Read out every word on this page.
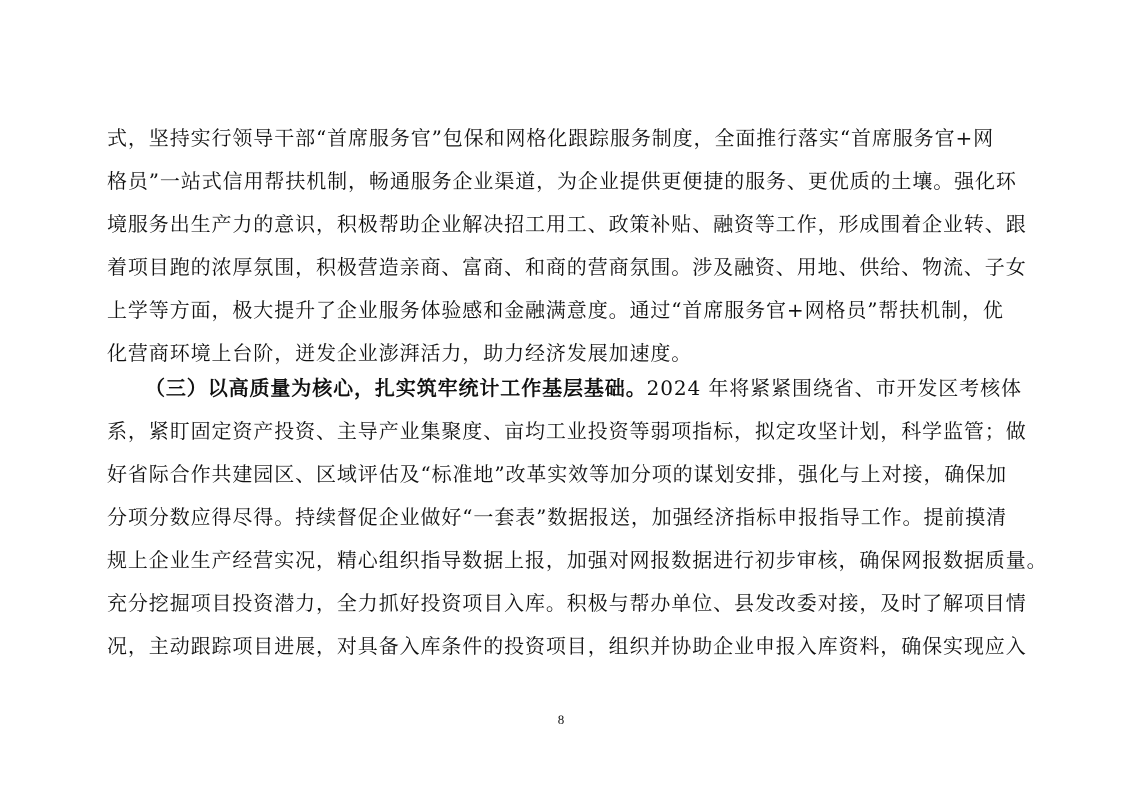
式，坚持实行领导干部“首席服务官”包保和网格化跟踪服务制度，全面推行落实“首席服务官+网
格员”一站式信用帮扶机制，畅通服务企业渠道，为企业提供更便捷的服务、更优质的土壤。强化环
境服务出生产力的意识，积极帮助企业解决招工用工、政策补贴、融资等工作，形成围着企业转、跟
着项目跑的浓厚氛围，积极营造亲商、富商、和商的营商氛围。涉及融资、用地、供给、物流、子女
上学等方面，极大提升了企业服务体验感和金融满意度。通过“首席服务官+网格员”帮扶机制，优
化营商环境上台阶，迸发企业澎湃活力，助力经济发展加速度。
（三）以高质量为核心，扎实筑牢统计工作基层基础。2024 年将紧紧围绕省、市开发区考核体
系，紧盯固定资产投资、主导产业集聚度、亩均工业投资等弱项指标，拟定攻坚计划，科学监管；做
好省际合作共建园区、区域评估及“标准地”改革实效等加分项的谋划安排，强化与上对接，确保加
分项分数应得尽得。持续督促企业做好“一套表”数据报送，加强经济指标申报指导工作。提前摸清
规上企业生产经营实况，精心组织指导数据上报，加强对网报数据进行初步审核，确保网报数据质量。
充分挖掘项目投资潜力，全力抓好投资项目入库。积极与帮办单位、县发改委对接，及时了解项目情
况，主动跟踪项目进展，对具备入库条件的投资项目，组织并协助企业申报入库资料，确保实现应入
8
